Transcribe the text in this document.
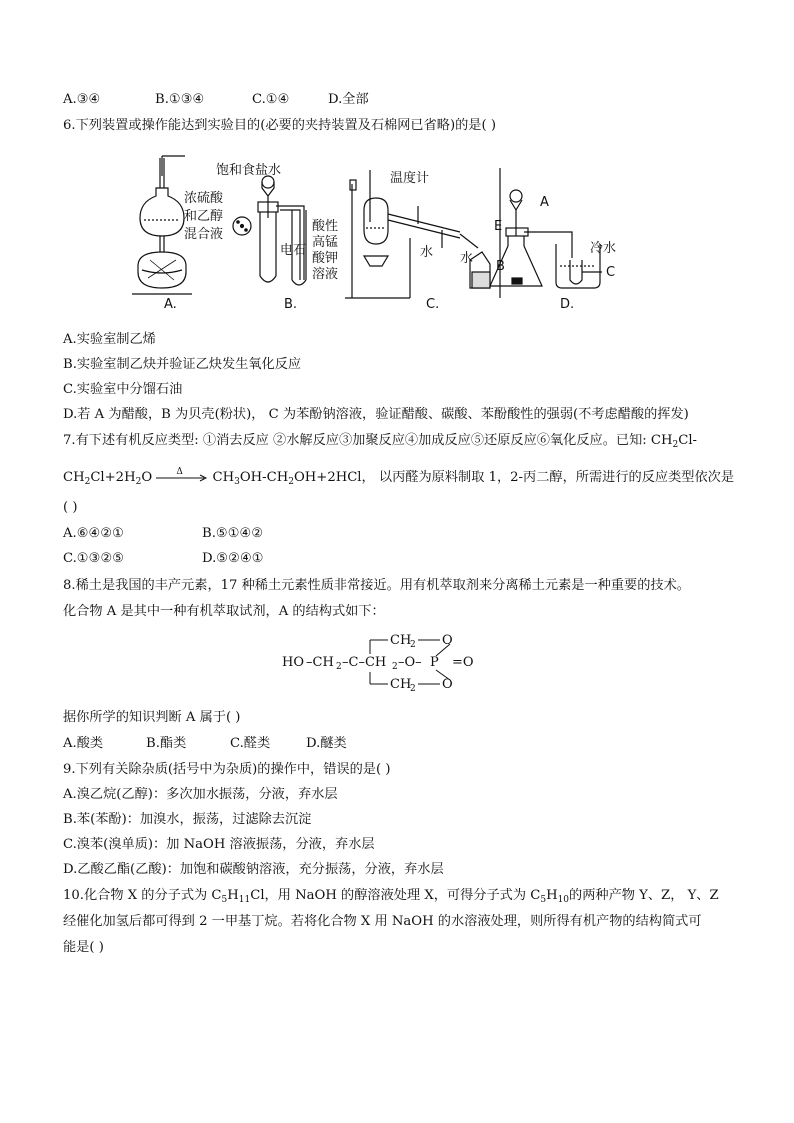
A.③④	B.①③④	C.①④	D.全部
6.下列装置或操作能达到实验目的(必要的夹持装置及石棉网已省略)的是( )
浓硫酸
和乙醇
混合液
饱和食盐水
电石
酸性
高锰
酸钾
溶液
温度计
水 水
A
E
B	C
冷水
A.	B.	C.	D.
A.实验室制乙烯
B.实验室制乙炔并验证乙炔发生氧化反应
C.实验室中分馏石油
D.若 A 为醋酸，B 为贝壳(粉状)， C 为苯酚钠溶液，验证醋酸、碳酸、苯酚酸性的强弱(不考虑醋酸的挥发)
7.有下述有机反应类型: ①消去反应 ②水解反应③加聚反应④加成反应⑤还原反应⑥氧化反应。已知: $CH_2Cl-$
$CH_2Cl+2H_2O$ Δ $CH_3OH-CH_2OH+2HCl$， 以丙醛为原料制取 1，2-丙二醇，所需进行的反应类型依次是
( )
A.⑥④②①	B.⑤①④②
C.①③②⑤	D.⑤②④①
8.稀土是我国的丰产元素，17 种稀土元素性质非常接近。用有机萃取剂来分离稀土元素是一种重要的技术。
化合物 A 是其中一种有机萃取试剂，A 的结构式如下：
HO –CH 2 –C–CH 2 –O–
CH
2
CH
2
O
O
P =O
据你所学的知识判断 A 属于( )
A.酸类	B.酯类	C.醛类	D.醚类
9.下列有关除杂质(括号中为杂质)的操作中，错误的是( )
A.溴乙烷(乙醇)：多次加水振荡，分液，弃水层
B.苯(苯酚)：加溴水，振荡，过滤除去沉淀
C.溴苯(溴单质)：加 NaOH 溶液振荡，分液，弃水层
D.乙酸乙酯(乙酸)：加饱和碳酸钠溶液，充分振荡，分液，弃水层
10.化合物 X 的分子式为 $C_5H_{11}Cl$，用 NaOH 的醇溶液处理 X，可得分子式为 $C_5H_{10}$的两种产物 Y、Z， Y、Z
经催化加氢后都可得到 2 一甲基丁烷。若将化合物 X 用 NaOH 的水溶液处理，则所得有机产物的结构简式可
能是( )
